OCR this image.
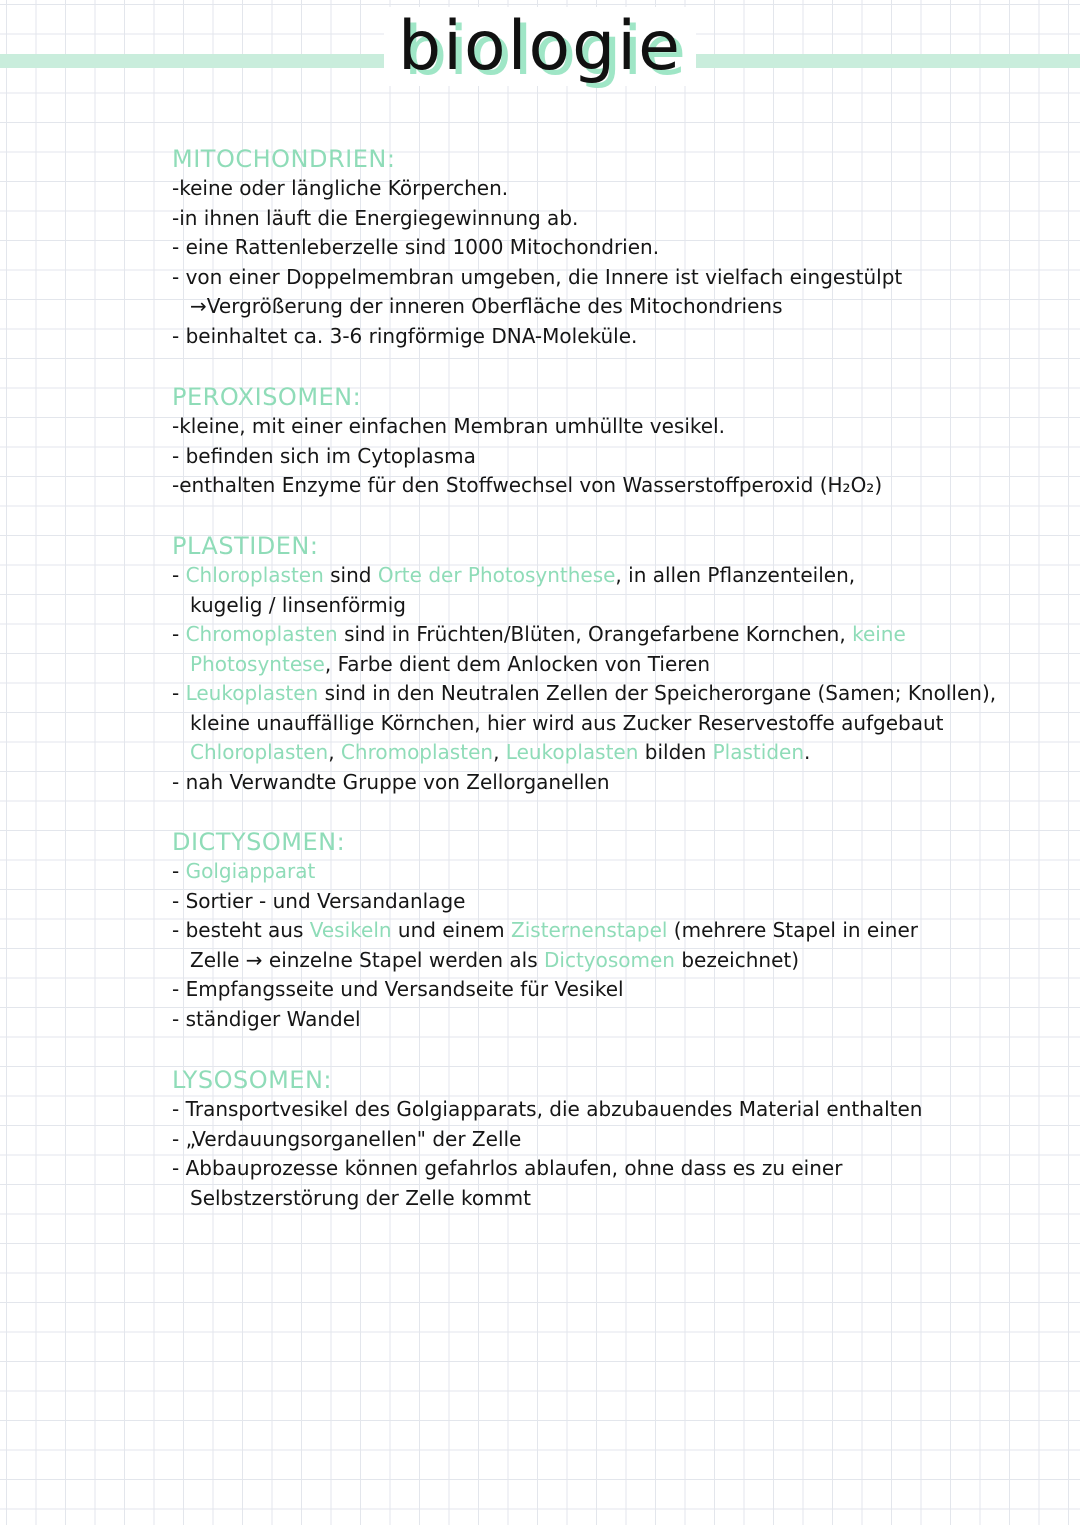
biologie
MITOCHONDRIEN:
-keine oder längliche Körperchen.
-in ihnen läuft die Energiegewinnung ab.
- eine Rattenleberzelle sind 1000 Mitochondrien.
- von einer Doppelmembran umgeben, die Innere ist vielfach eingestülpt
→Vergrößerung der inneren Oberfläche des Mitochondriens
- beinhaltet ca. 3-6 ringförmige DNA-Moleküle.
PEROXISOMEN:
-kleine, mit einer einfachen Membran umhüllte vesikel.
- befinden sich im Cytoplasma
-enthalten Enzyme für den Stoffwechsel von Wasserstoffperoxid (H₂O₂)
PLASTIDEN:
- Chloroplasten sind Orte der Photosynthese, in allen Pflanzenteilen,
kugelig / linsenförmig
- Chromoplasten sind in Früchten/Blüten, Orangefarbene Kornchen, keine
Photosyntese, Farbe dient dem Anlocken von Tieren
- Leukoplasten sind in den Neutralen Zellen der Speicherorgane (Samen; Knollen),
kleine unauffällige Körnchen, hier wird aus Zucker Reservestoffe aufgebaut
Chloroplasten, Chromoplasten, Leukoplasten bilden Plastiden.
- nah Verwandte Gruppe von Zellorganellen
DICTYSOMEN:
- Golgiapparat
- Sortier - und Versandanlage
- besteht aus Vesikeln und einem Zisternenstapel (mehrere Stapel in einer
Zelle → einzelne Stapel werden als Dictyosomen bezeichnet)
- Empfangsseite und Versandseite für Vesikel
- ständiger Wandel
LYSOSOMEN:
- Transportvesikel des Golgiapparats, die abzubauendes Material enthalten
- „Verdauungsorganellen" der Zelle
- Abbauprozesse können gefahrlos ablaufen, ohne dass es zu einer
Selbstzerstörung der Zelle kommt
